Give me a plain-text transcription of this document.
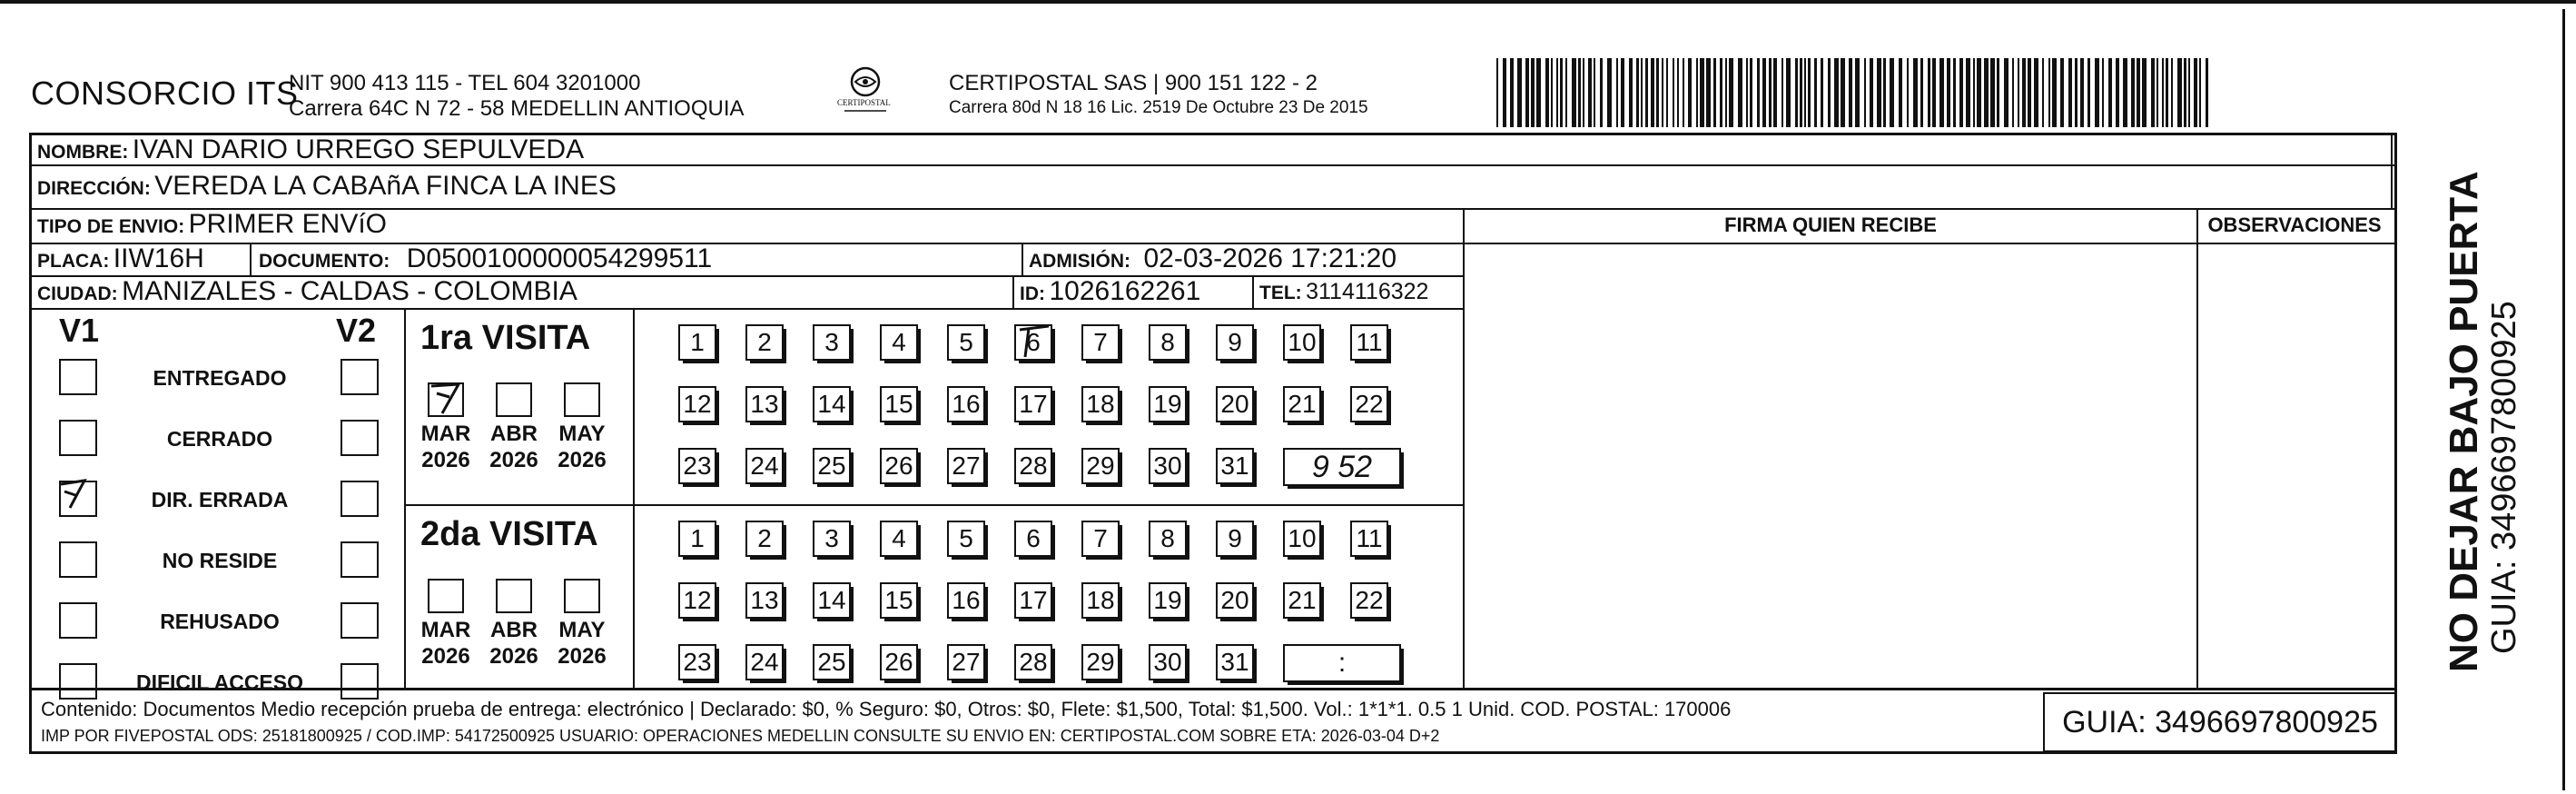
CONSORCIO ITS
NIT 900 413 115 - TEL 604 3201000
Carrera 64C N 72 - 58 MEDELLIN ANTIOQUIA	CERTIPOSTAL
CERTIPOSTAL SAS | 900 151 122 - 2
Carrera 80d N 18 16 Lic. 2519 De Octubre 23 De 2015
NOMBRE: IVAN DARIO URREGO SEPULVEDA
DIRECCIÓN: VEREDA LA CABAñA FINCA LA INES
TIPO DE ENVIO: PRIMER ENVíO	FIRMA QUIEN RECIBE	OBSERVACIONES
PLACA: IIW16H	DOCUMENTO: D0500100000054299511	ADMISIÓN: 02-03-2026 17:21:20
CIUDAD: MANIZALES - CALDAS - COLOMBIA	ID: 1026162261	TEL: 3114116322
V1	V2
ENTREGADO
CERRADO
DIR. ERRADA
NO RESIDE
REHUSADO
DIFICIL ACCESO
1ra VISITA
MAR
2026
ABR
2026
MAY
2026
1	2	3	4	5	6	7	8	9	10 11
12 13 14 15 16 17 18 19 20 21 22
23 24 25 26 27 28 29 30 31	9 52
2da VISITA
MAR
2026
ABR
2026
MAY
2026
1	2	3	4	5	6	7	8	9	10 11
12 13 14 15 16 17 18 19 20 21 22
23 24 25 26 27 28 29 30 31	:
Contenido: Documentos Medio recepción prueba de entrega: electrónico | Declarado: $0, % Seguro: $0, Otros: $0, Flete: $1,500, Total: $1,500. Vol.: 1*1*1. 0.5 1 Unid. COD. POSTAL: 170006
IMP POR FIVEPOSTAL ODS: 25181800925 / COD.IMP: 54172500925 USUARIO: OPERACIONES MEDELLIN CONSULTE SU ENVIO EN: CERTIPOSTAL.COM SOBRE ETA: 2026-03-04 D+2	GUIA: 3496697800925
NO DEJAR BAJO PUERTA GUIA: 3496697800925
